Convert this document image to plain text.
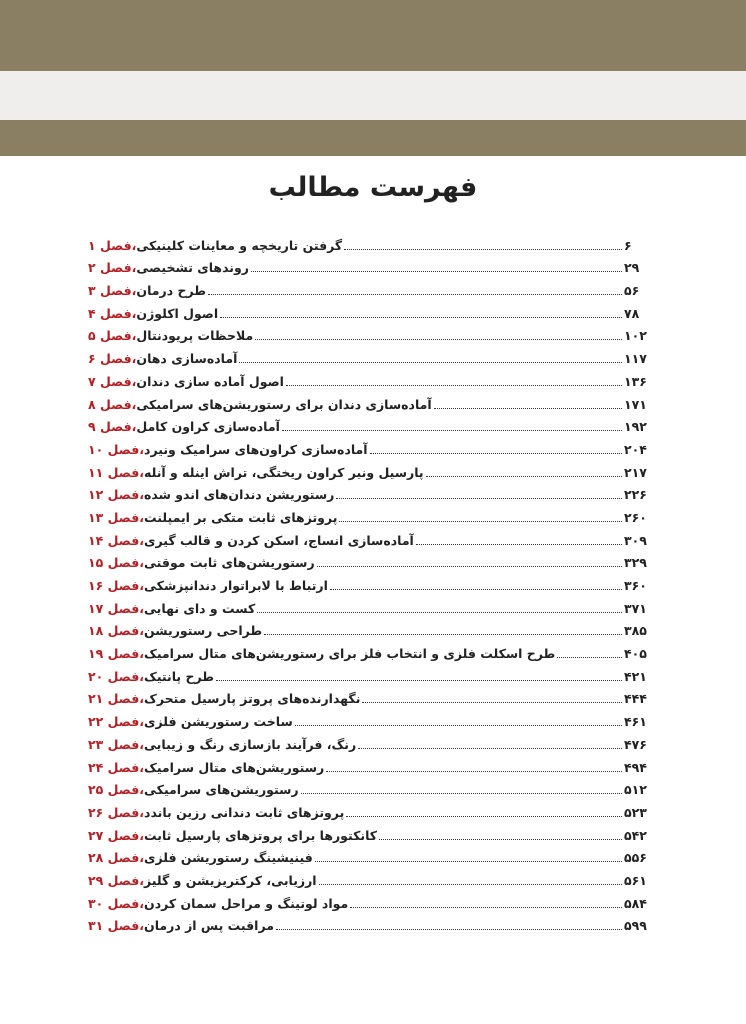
فهرست مطالب
فصل ۱ ، گرفتن تاریخچه و معاینات کلینیکی	۶
فصل ۲ ، روندهای تشخیصی	۲۹
فصل ۳ ، طرح درمان	۵۶
فصل ۴ ، اصول اکلوژن	۷۸
فصل ۵ ، ملاحظات پریودنتال	۱۰۲
فصل ۶ ، آماده‌سازی دهان	۱۱۷
فصل ۷ ، اصول آماده سازی دندان	۱۳۶
فصل ۸ ، آماده‌سازی دندان برای رستوریشن‌های سرامیکی	۱۷۱
فصل ۹ ، آماده‌سازی کراون کامل	۱۹۲
فصل ۱۰ ، آماده‌سازی کراون‌های سرامیک ونیرد	۲۰۴
فصل ۱۱ ، پارسیل ونیر کراون ریختگی، تراش اینله و آنله	۲۱۷
فصل ۱۲ ، رستوریشن دندان‌های اندو شده	۲۲۶
فصل ۱۳ ، پروتزهای ثابت متکی بر ایمپلنت	۲۶۰
فصل ۱۴ ، آماده‌سازی انساج، اسکن کردن و قالب گیری	۳۰۹
فصل ۱۵ ، رستوریشن‌های ثابت موقتی	۳۲۹
فصل ۱۶ ، ارتباط با لابراتوار دندانپزشکی	۳۶۰
فصل ۱۷ ، کست و دای نهایی	۳۷۱
فصل ۱۸ ، طراحی رستوریشن	۳۸۵
فصل ۱۹ ، طرح اسکلت فلزی و انتخاب فلز برای رستوریشن‌های متال سرامیک	۴۰۵
فصل ۲۰ ، طرح پانتیک	۴۲۱
فصل ۲۱ ، نگهدارنده‌های پروتز پارسیل متحرک	۴۴۴
فصل ۲۲ ، ساخت رستوریشن فلزی	۴۶۱
فصل ۲۳ ، رنگ، فرآیند بازسازی رنگ و زیبایی	۴۷۶
فصل ۲۴ ، رستوریشن‌های متال سرامیک	۴۹۴
فصل ۲۵ ، رستوریشن‌های سرامیکی	۵۱۲
فصل ۲۶ ، پروتزهای ثابت دندانی رزین باندد	۵۲۳
فصل ۲۷ ، کانکتورها برای پروتزهای پارسیل ثابت	۵۴۲
فصل ۲۸ ، فینیشینگ رستوریشن فلزی	۵۵۶
فصل ۲۹ ، ارزیابی، کرکتریزیشن و گلیز	۵۶۱
فصل ۳۰ ، مواد لوتینگ و مراحل سمان کردن	۵۸۴
فصل ۳۱ ، مراقبت پس از درمان	۵۹۹
